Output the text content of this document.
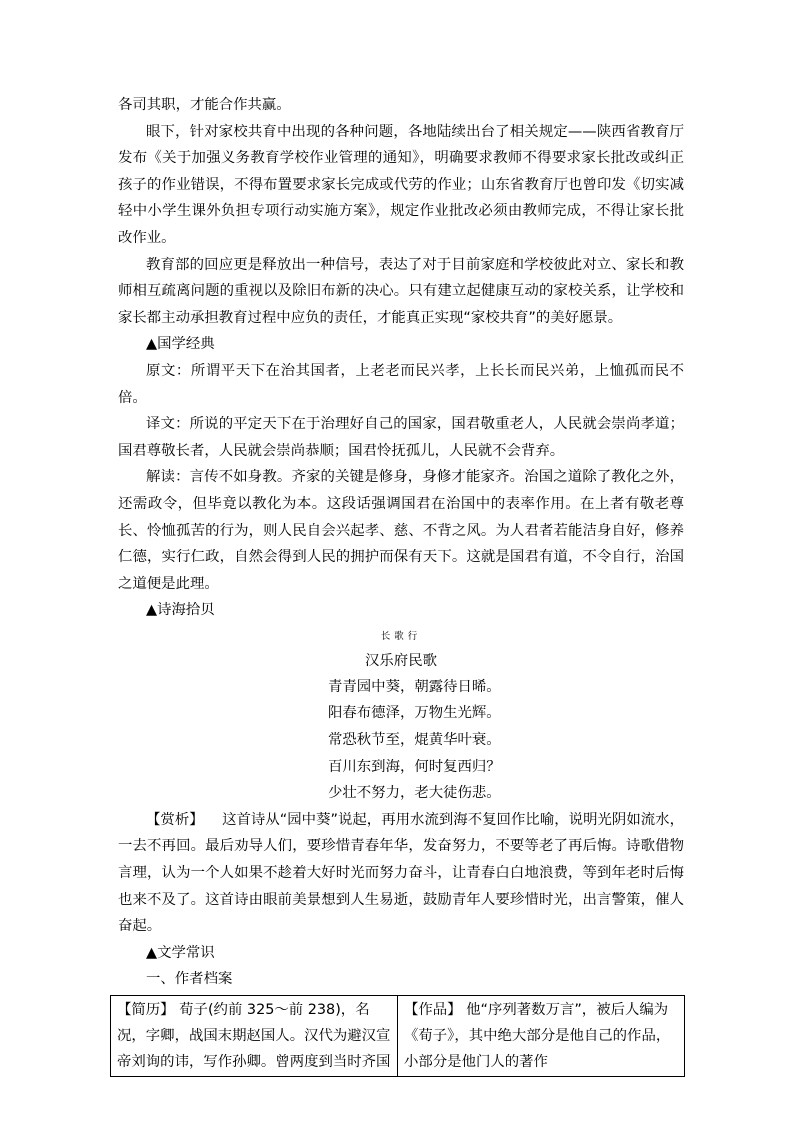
各司其职，才能合作共赢。

眼下，针对家校共育中出现的各种问题，各地陆续出台了相关规定——陕西省教育厅发布《关于加强义务教育学校作业管理的通知》，明确要求教师不得要求家长批改或纠正孩子的作业错误，不得布置要求家长完成或代劳的作业；山东省教育厅也曾印发《切实减轻中小学生课外负担专项行动实施方案》，规定作业批改必须由教师完成，不得让家长批改作业。

教育部的回应更是释放出一种信号，表达了对于目前家庭和学校彼此对立、家长和教师相互疏离问题的重视以及除旧布新的决心。只有建立起健康互动的家校关系，让学校和家长都主动承担教育过程中应负的责任，才能真正实现“家校共育”的美好愿景。

▲国学经典

原文：所谓平天下在治其国者，上老老而民兴孝，上长长而民兴弟，上恤孤而民不倍。

译文：所说的平定天下在于治理好自己的国家，国君敬重老人，人民就会崇尚孝道；国君尊敬长者，人民就会崇尚恭顺；国君怜抚孤儿，人民就不会背弃。

解读：言传不如身教。齐家的关键是修身，身修才能家齐。治国之道除了教化之外，还需政令，但毕竟以教化为本。这段话强调国君在治国中的表率作用。在上者有敬老尊长、怜恤孤苦的行为，则人民自会兴起孝、慈、不背之风。为人君者若能洁身自好，修养仁德，实行仁政，自然会得到人民的拥护而保有天下。这就是国君有道，不令自行，治国之道便是此理。

▲诗海拾贝

长歌行

汉乐府民歌

青青园中葵，朝露待日晞。

阳春布德泽，万物生光辉。

常恐秋节至，焜黄华叶衰。

百川东到海，何时复西归？

少壮不努力，老大徒伤悲。

【赏析】 这首诗从“园中葵”说起，再用水流到海不复回作比喻，说明光阴如流水，一去不再回。最后劝导人们，要珍惜青春年华，发奋努力，不要等老了再后悔。诗歌借物言理，认为一个人如果不趁着大好时光而努力奋斗，让青春白白地浪费，等到年老时后悔也来不及了。这首诗由眼前美景想到人生易逝，鼓励青年人要珍惜时光，出言警策，催人奋起。

▲文学常识

一、作者档案

【简历】 荀子(约前 325～前 238)，名况，字卿，战国末期赵国人。汉代为避汉宣帝刘询的讳，写作孙卿。曾两度到当时齐国	【作品】 他“序列著数万言”，被后人编为《荀子》，其中绝大部分是他自己的作品，小部分是他门人的著作
